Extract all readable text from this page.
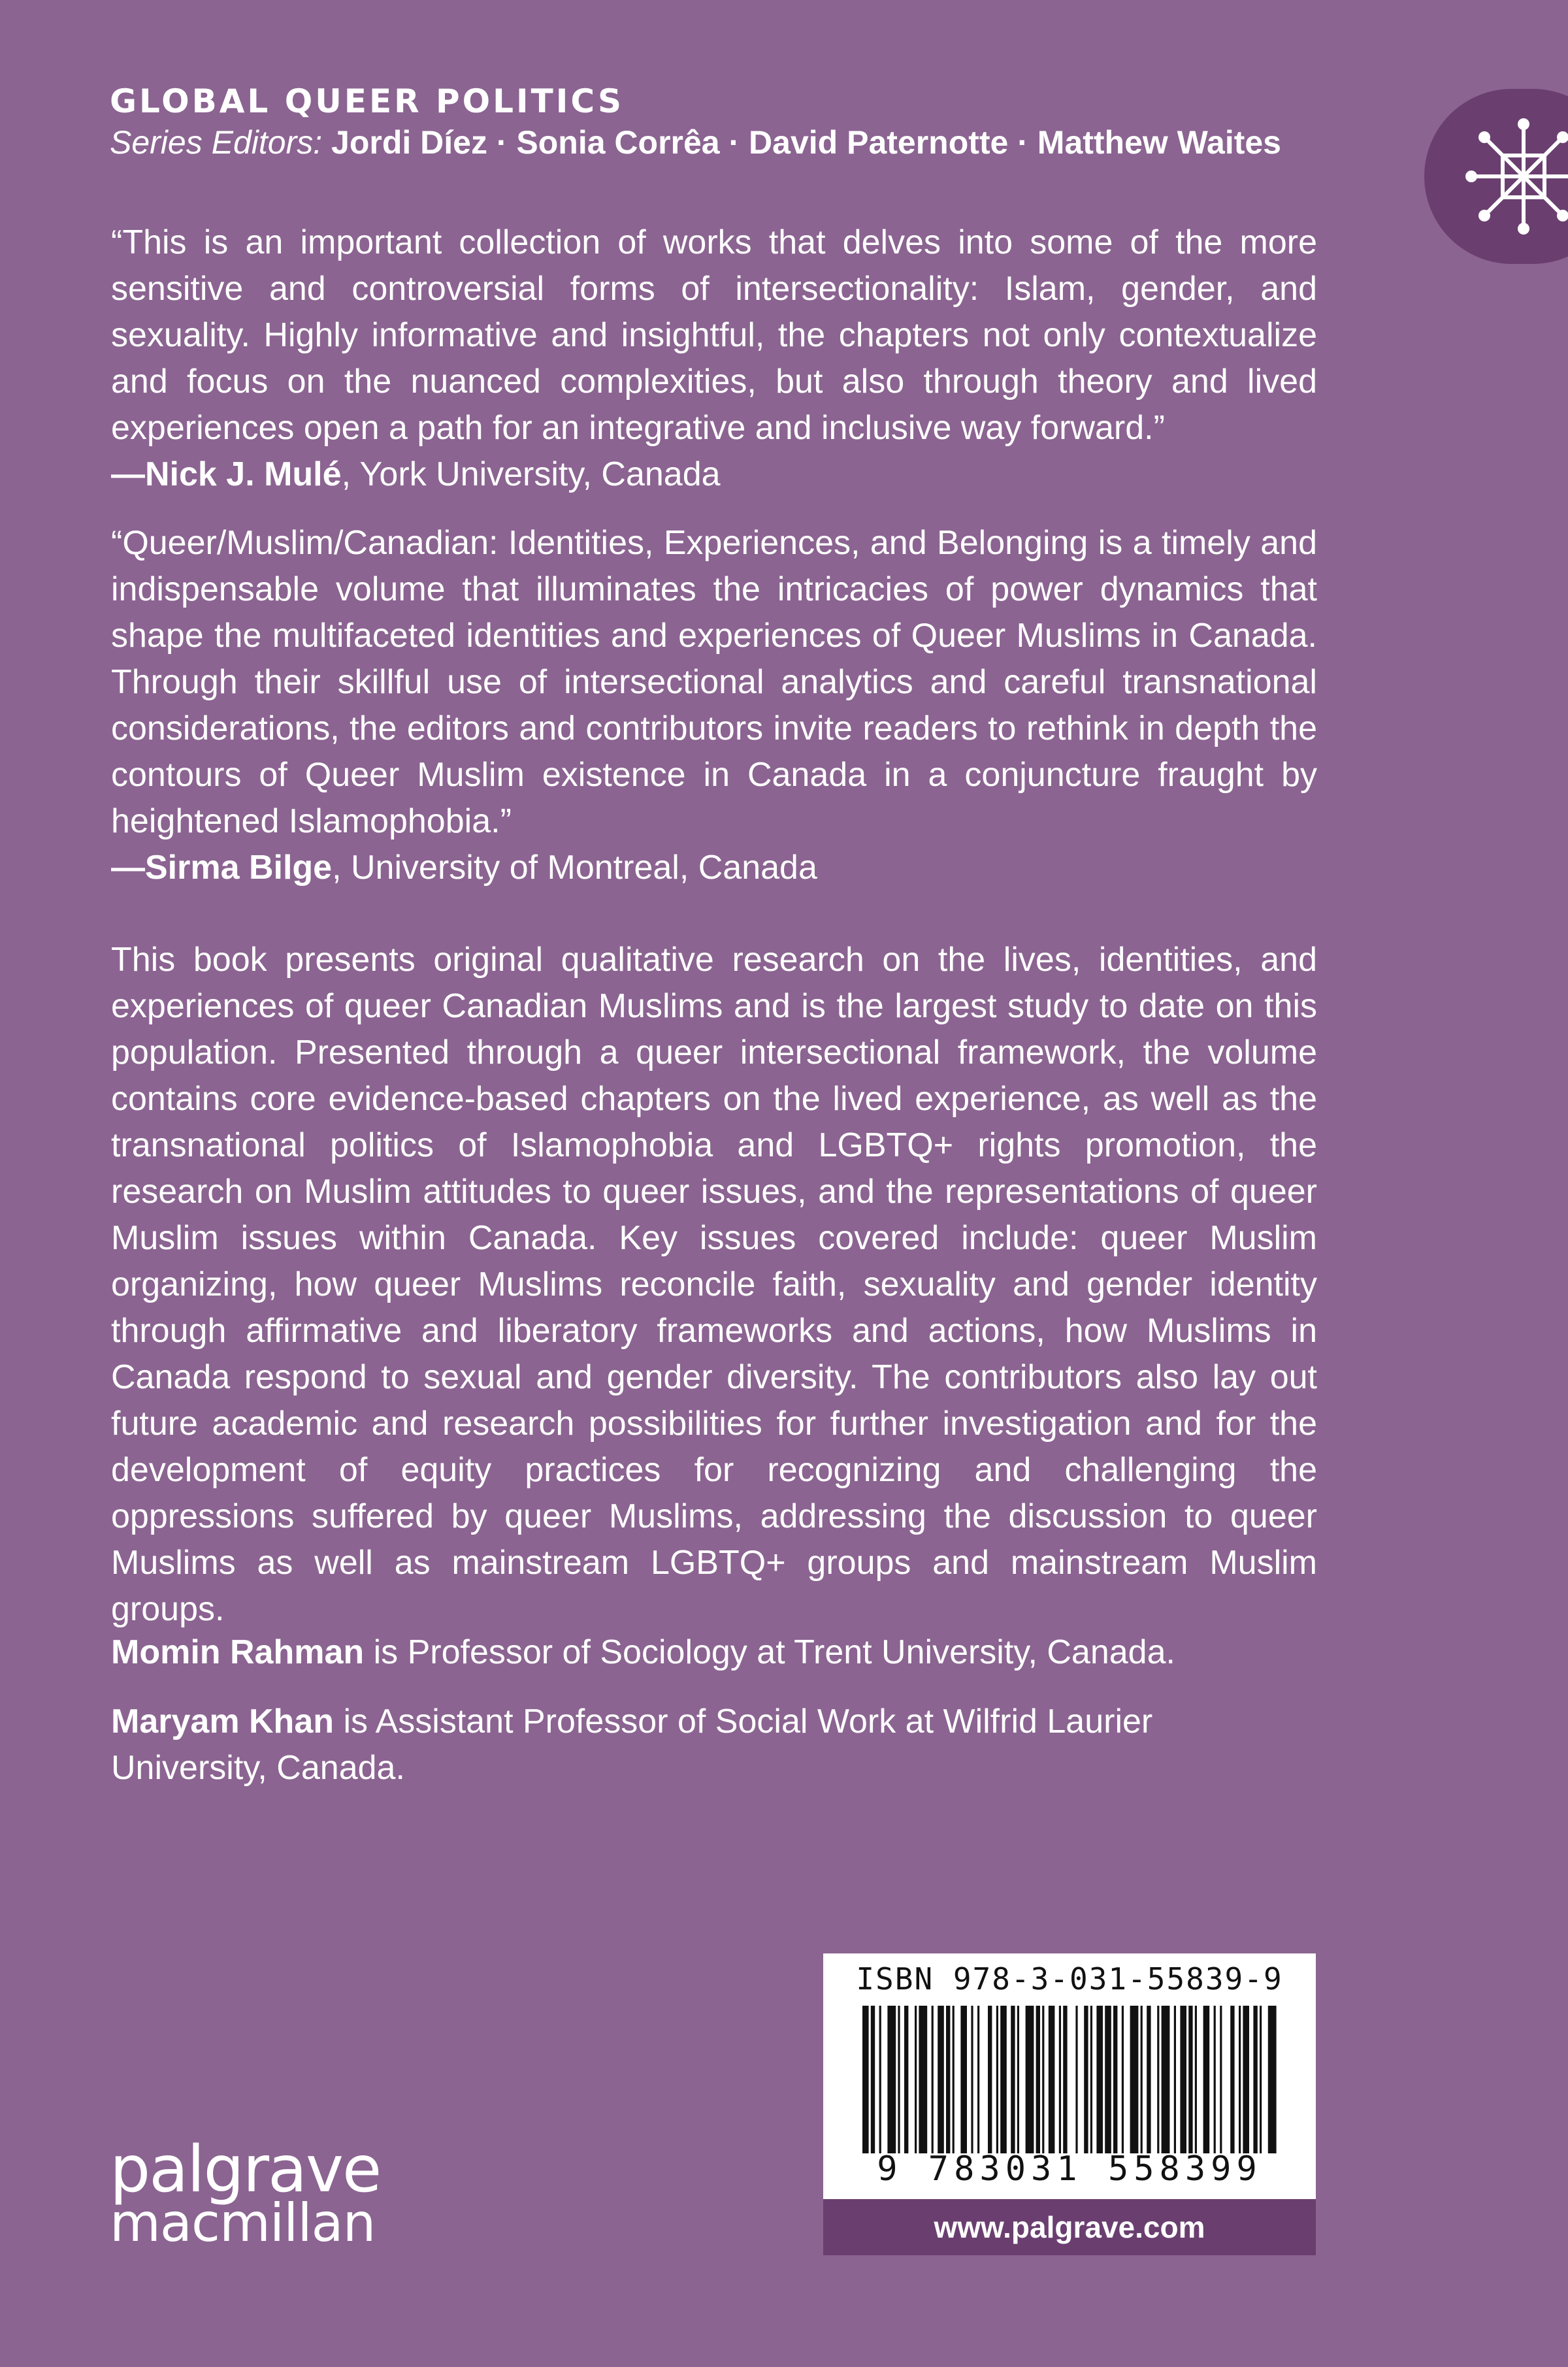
GLOBAL QUEER POLITICS
Series Editors: Jordi Díez · Sonia Corrêa · David Paternotte · Matthew Waites

“This is an important collection of works that delves into some of the more sensitive and controversial forms of intersectionality: Islam, gender, and sexuality. Highly informative and insightful, the chapters not only contextualize and focus on the nuanced complexities, but also through theory and lived experiences open a path for an integrative and inclusive way forward.”

—Nick J. Mulé, York University, Canada

“Queer/Muslim/Canadian: Identities, Experiences, and Belonging is a timely and indispensable volume that illuminates the intricacies of power dynamics that shape the multifaceted identities and experiences of Queer Muslims in Canada. Through their skillful use of intersectional analytics and careful transnational considerations, the editors and contributors invite readers to rethink in depth the contours of Queer Muslim existence in Canada in a conjuncture fraught by heightened Islamophobia.”

—Sirma Bilge, University of Montreal, Canada

This book presents original qualitative research on the lives, identities, and experiences of queer Canadian Muslims and is the largest study to date on this population. Presented through a queer intersectional framework, the volume contains core evidence-based chapters on the lived experience, as well as the transnational politics of Islamophobia and LGBTQ+ rights promotion, the research on Muslim attitudes to queer issues, and the representations of queer Muslim issues within Canada. Key issues covered include: queer Muslim organizing, how queer Muslims reconcile faith, sexuality and gender identity through affirmative and liberatory frameworks and actions, how Muslims in Canada respond to sexual and gender diversity. The contributors also lay out future academic and research possibilities for further investigation and for the development of equity practices for recognizing and challenging the oppressions suffered by queer Muslims, addressing the discussion to queer Muslims as well as mainstream LGBTQ+ groups and mainstream Muslim groups.

Momin Rahman is Professor of Sociology at Trent University, Canada.
Maryam Khan is Assistant Professor of Social Work at Wilfrid Laurier University, Canada.
palgrave
macmillan
ISBN 978-3-031-55839-9
9 783031 558399
www.palgrave.com
